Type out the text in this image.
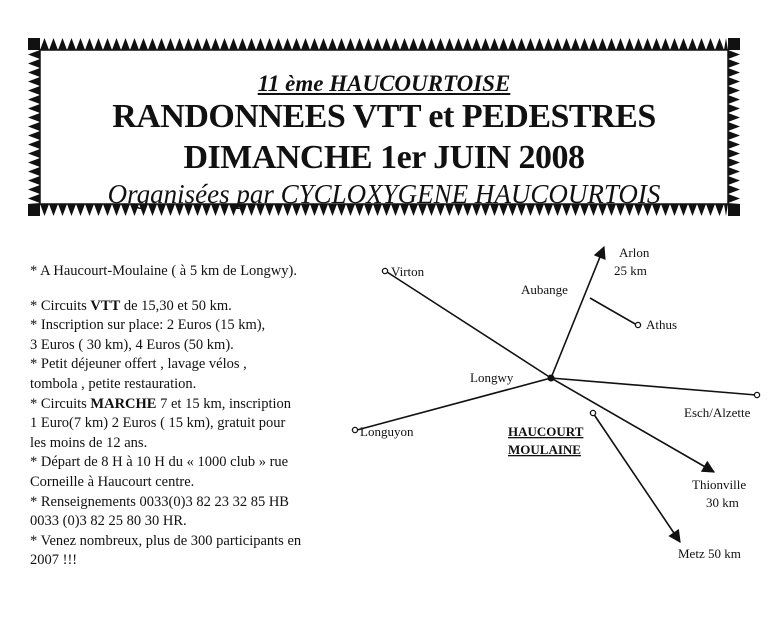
11 ème HAUCOURTOISE
RANDONNEES VTT et PEDESTRES
DIMANCHE 1er JUIN 2008
Organisées par CYCLOXYGENE HAUCOURTOIS

* A Haucourt-Moulaine ( à 5 km de Longwy).

* Circuits VTT de 15,30 et 50 km.

* Inscription sur place: 2 Euros (15 km),

3 Euros ( 30 km), 4 Euros (50 km).

* Petit déjeuner offert , lavage vélos ,

tombola , petite restauration.

* Circuits MARCHE 7 et 15 km, inscription

1 Euro(7 km) 2 Euros ( 15 km), gratuit pour

les moins de 12 ans.

* Départ de 8 H à 10 H du « 1000 club » rue

Corneille à Haucourt centre.

* Renseignements 0033(0)3 82 23 32 85 HB

0033 (0)3 82 25 80 30 HR.

* Venez nombreux, plus de 300 participants en

2007 !!!

Virton
Arlon
25 km
Aubange
Athus
Longwy
Longuyon
Esch/Alzette
HAUCOURT
MOULAINE
Thionville
30 km
Metz 50 km
